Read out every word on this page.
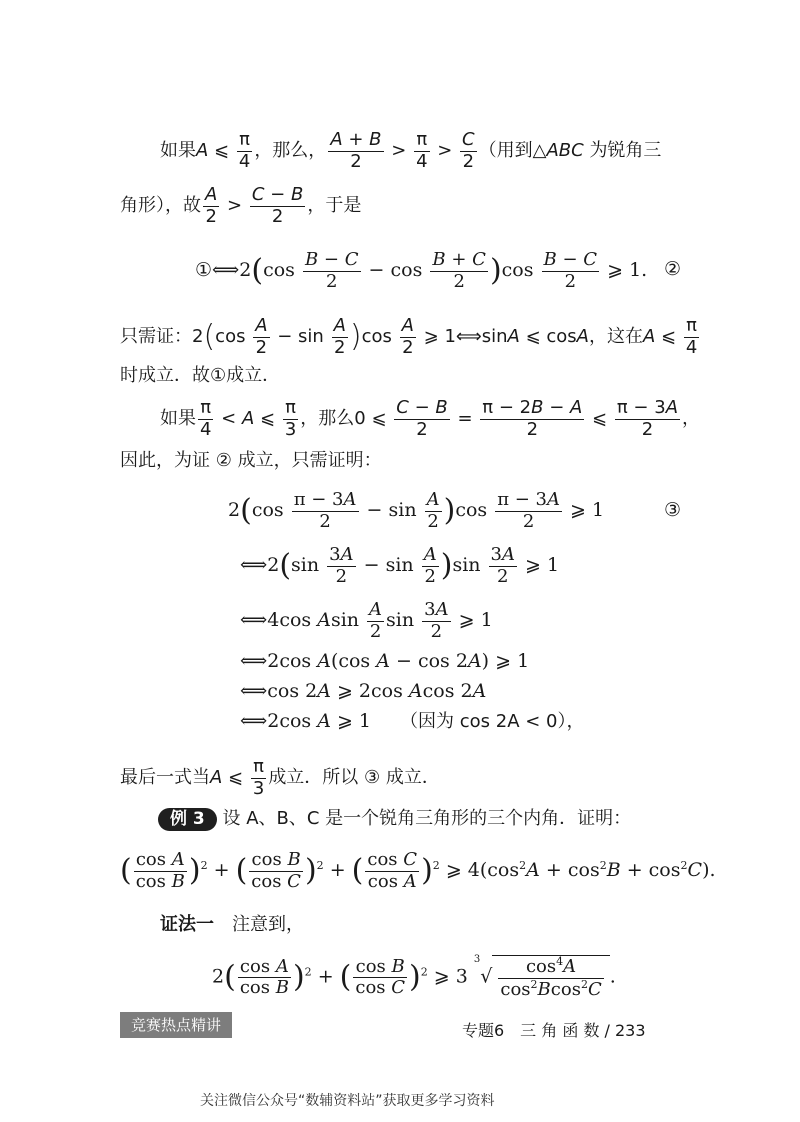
如果A ⩽ $\frac{\pi}{4}$ ，那么， $\frac{A + B}{2} > \frac{\pi}{4} > \frac{C}{2}$ （用到△ABC 为锐角三
角形），故 $\frac{A}{2} > \frac{C - B}{2}$ ，于是
①⟺2(cos $\frac{B - C}{2} - \cos \frac{B + C}{2} )\cos \frac{B - C}{2}$ ⩾ 1. ②
只需证：$2(\cos \frac{A}{2} - \sin \frac{A}{2} )\cos \frac{A}{2}$ ⩾ 1⟺sinA ⩽ cosA，这在A ⩽ $\frac{\pi}{4}$
时成立．故①成立．
如果 $\frac{\pi}{4} < A$ ⩽ $\frac{\pi}{3}$ ，那么0 ⩽ $\frac{C - B}{2} = \frac{\pi - 2B - A}{2}$ ⩽ $\frac{\pi - 3A}{2}$ ，
因此，为证 ② 成立，只需证明：
$2(\cos \frac{\pi - 3A}{2} - \sin \frac{A}{2} )\cos \frac{\pi - 3A}{2}$ ⩾ 1	③
⟺2(sin $\frac{3A}{2} - \sin \frac{A}{2} )\sin \frac{3A}{2}$ ⩾ 1
⟺4cos Asin $\frac{A}{2}$ $\sin \frac{3A}{2}$ ⩾ 1
⟺2cos A(cos A − cos 2A) ⩾ 1
⟺cos 2A ⩾ 2cos Acos 2A
⟺2cos A ⩾ 1　　（因为 cos 2A < 0），
最后一式当A ⩽ $\frac{\pi}{3}$ 成立．所以 ③ 成立．
例 3 设 A、B、C 是一个锐角三角形的三个内角．证明：
( $\frac{\text{cos A}}{\text{cos B}} )^2$ + ( $\frac{\text{cos B}}{\text{cos C}} )^2$ + ( $\frac{\text{cos C}}{\text{cos A}} )^2$ ⩾ $4(\cos^2A + \cos^2B + \cos^2C)$.
证法一　 注意到，
$2( \frac{\text{cos A}}{\text{cos B}} )^2$ + ( $\frac{\text{cos B}}{\text{cos C}} )^2$ ⩾ 3 $^3√ \frac{\cos^4A}{\cos^2Bcos^2C}$ .
竞赛热点精讲	专题6　三 角 函 数 / 233
关注微信公众号“数辅资料站”获取更多学习资料
